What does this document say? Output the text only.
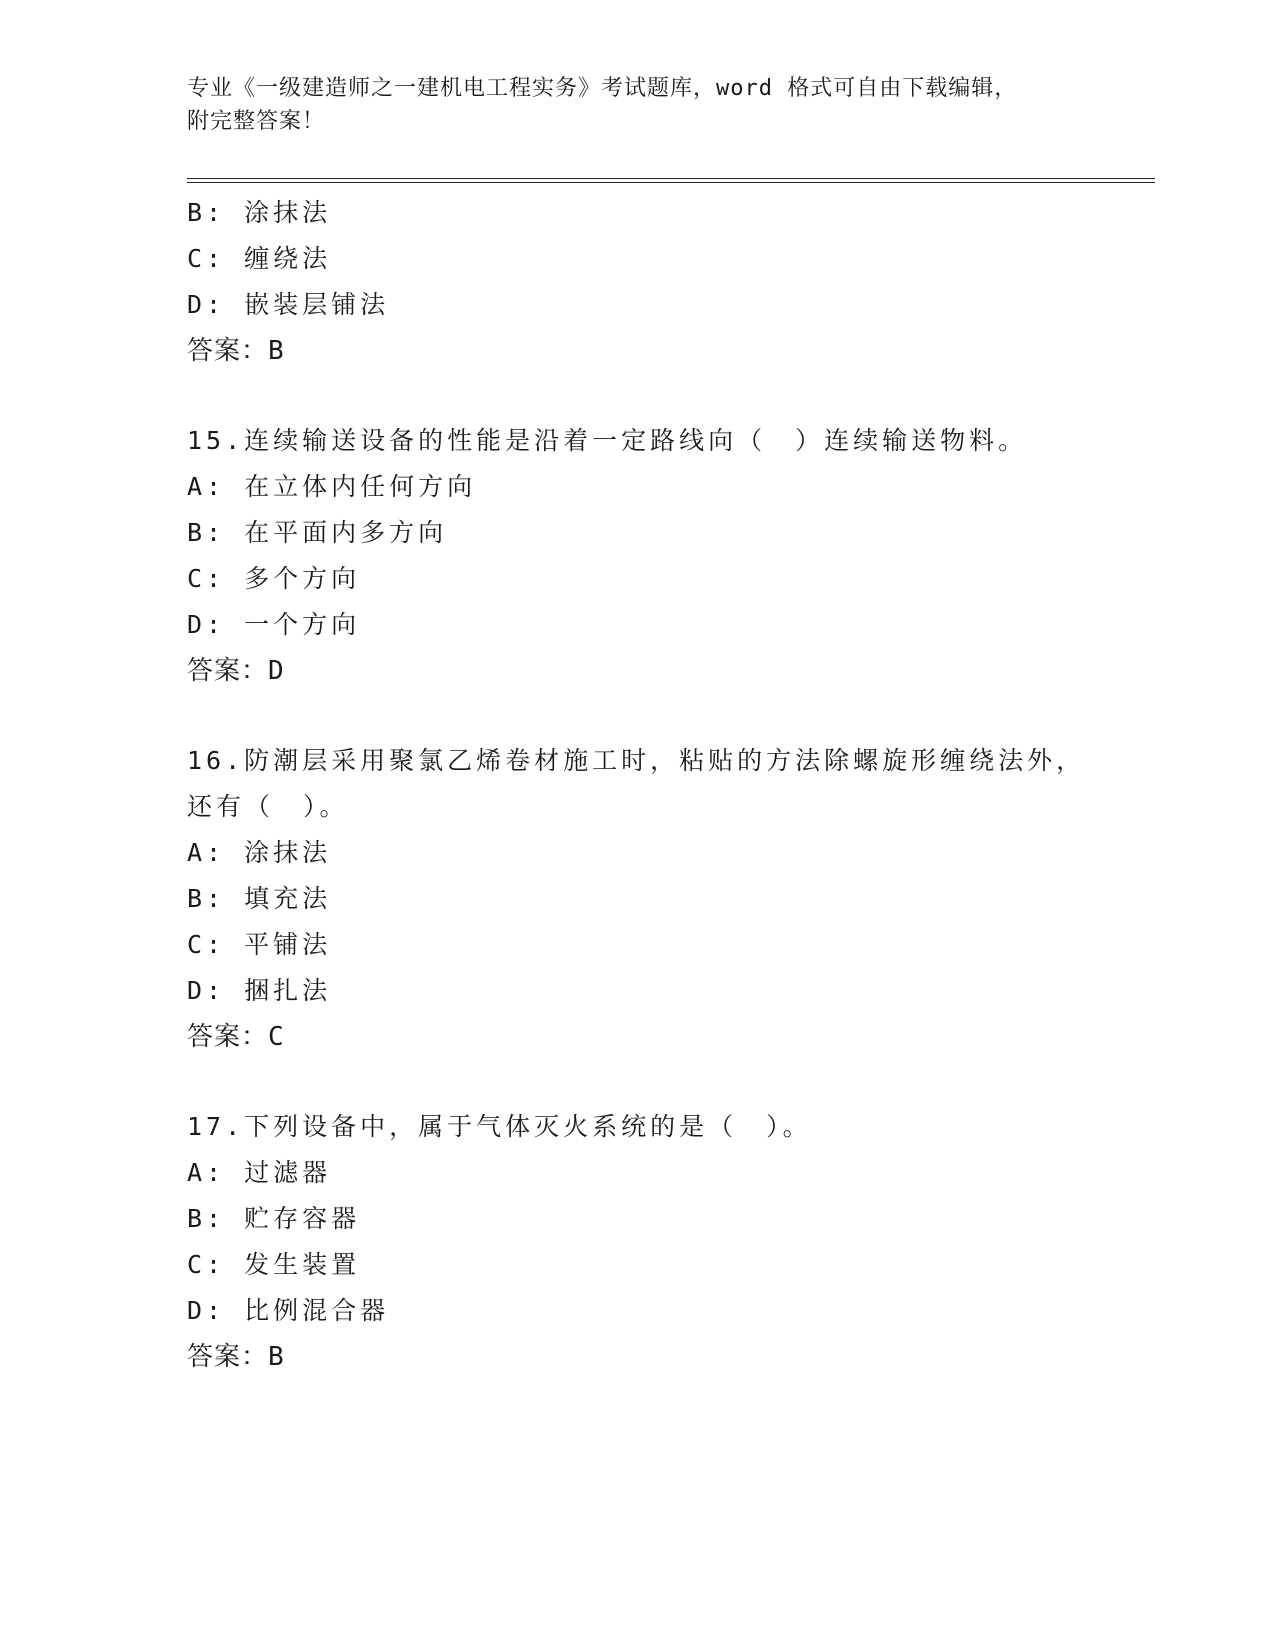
专业《一级建造师之一建机电工程实务》考试题库，word 格式可自由下载编辑，
附完整答案！
B: 涂抹法
C: 缠绕法
D: 嵌装层铺法
答案：B
15.连续输送设备的性能是沿着一定路线向（　）连续输送物料。
A: 在立体内任何方向
B: 在平面内多方向
C: 多个方向
D: 一个方向
答案：D
16.防潮层采用聚氯乙烯卷材施工时，粘贴的方法除螺旋形缠绕法外，
还有（　）。
A: 涂抹法
B: 填充法
C: 平铺法
D: 捆扎法
答案：C
17.下列设备中，属于气体灭火系统的是（　）。
A: 过滤器
B: 贮存容器
C: 发生装置
D: 比例混合器
答案：B
